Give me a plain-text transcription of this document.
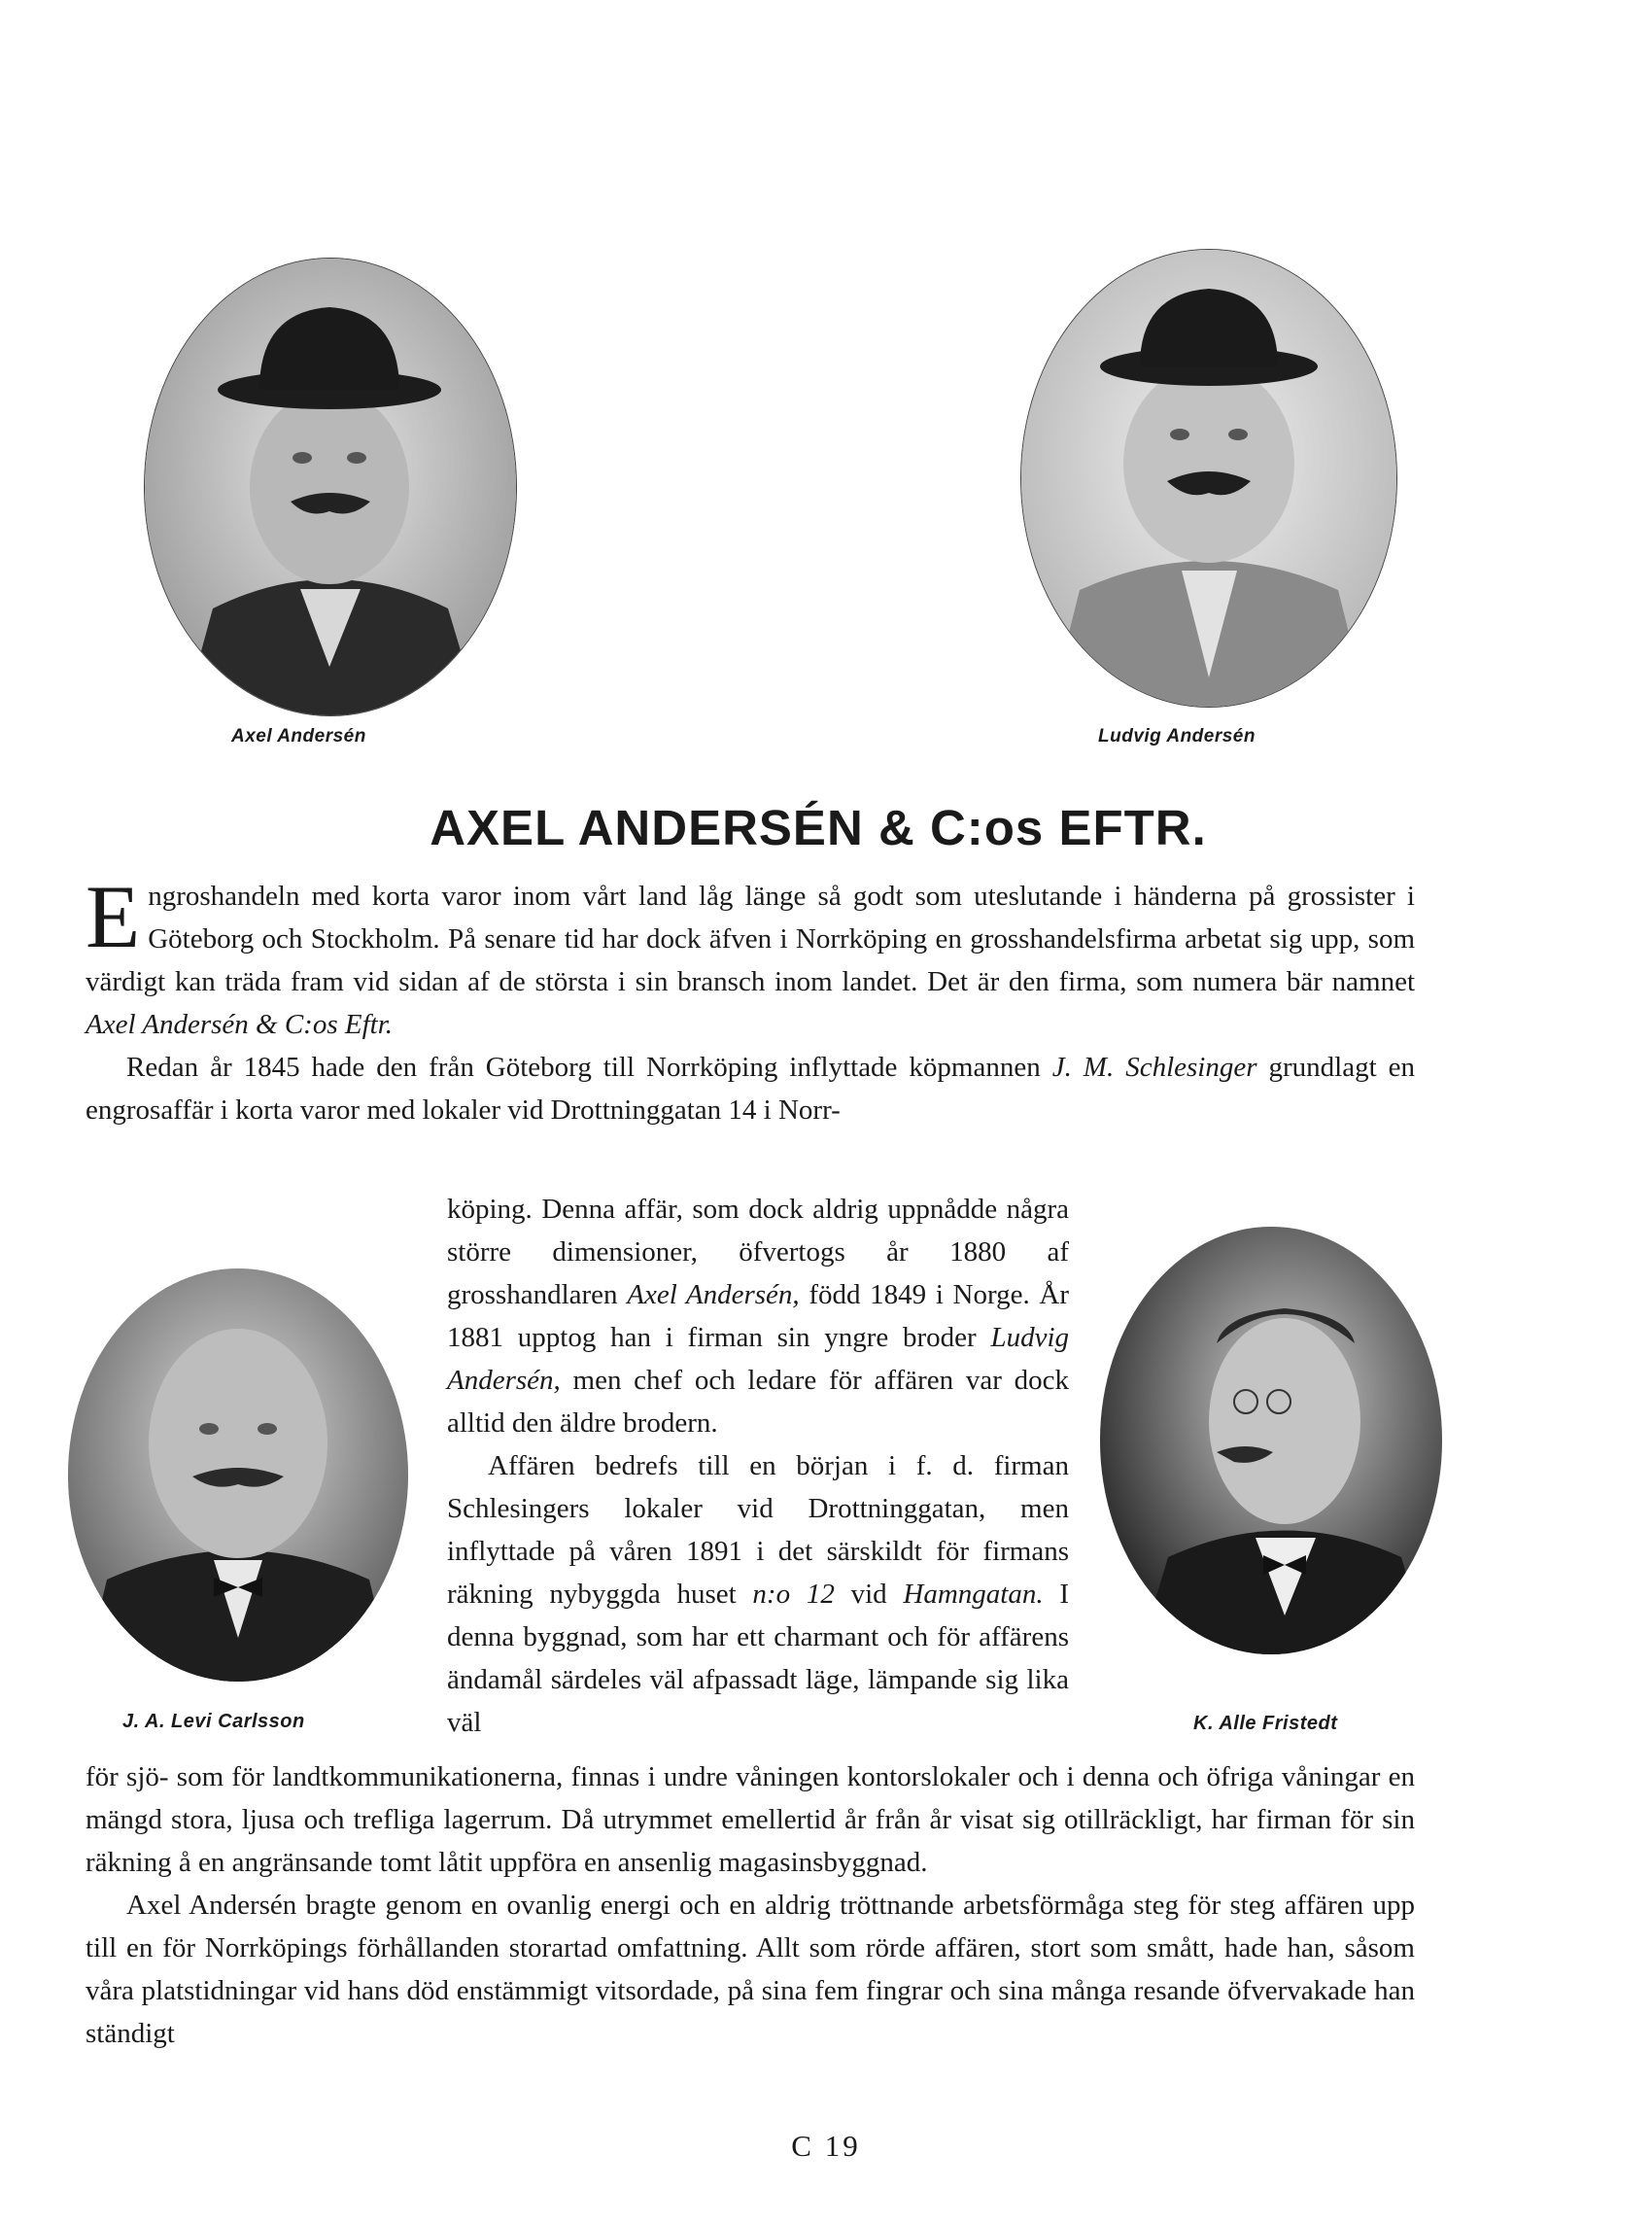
Axel Andersén	Ludvig Andersén
AXEL ANDERSÉN & C:os EFTR.

Engroshandeln med korta varor inom vårt land låg länge så godt som uteslutande i händerna på grossister i Göteborg och Stockholm. På senare tid har dock äfven i Norrköping en grosshandelsfirma arbetat sig upp, som värdigt kan träda fram vid sidan af de största i sin bransch inom landet. Det är den firma, som numera bär namnet Axel Andersén & C:os Eftr.

Redan år 1845 hade den från Göteborg till Norrköping inflyttade köpmannen J. M. Schlesinger grundlagt en engrosaffär i korta varor med lokaler vid Drottninggatan 14 i Norr-

J. A. Levi Carlsson	K. Alle Fristedt

köping. Denna affär, som dock aldrig uppnådde några större dimensioner, öfvertogs år 1880 af grosshandlaren Axel Andersén, född 1849 i Norge. År 1881 upptog han i firman sin yngre broder Ludvig Andersén, men chef och ledare för affären var dock alltid den äldre brodern.

Affären bedrefs till en början i f. d. firman Schlesingers lokaler vid Drottninggatan, men inflyttade på våren 1891 i det särskildt för firmans räkning nybyggda huset n:o 12 vid Hamngatan. I denna byggnad, som har ett charmant och för affärens ändamål särdeles väl afpassadt läge, lämpande sig lika väl

för sjö- som för landtkommunikationerna, finnas i undre våningen kontorslokaler och i denna och öfriga våningar en mängd stora, ljusa och trefliga lagerrum. Då utrymmet emellertid år från år visat sig otillräckligt, har firman för sin räkning å en angränsande tomt låtit uppföra en ansenlig magasinsbyggnad.

Axel Andersén bragte genom en ovanlig energi och en aldrig tröttnande arbetsförmåga steg för steg affären upp till en för Norrköpings förhållanden storartad omfattning. Allt som rörde affären, stort som smått, hade han, såsom våra platstidningar vid hans död enstämmigt vitsordade, på sina fem fingrar och sina många resande öfvervakade han ständigt

C 19
